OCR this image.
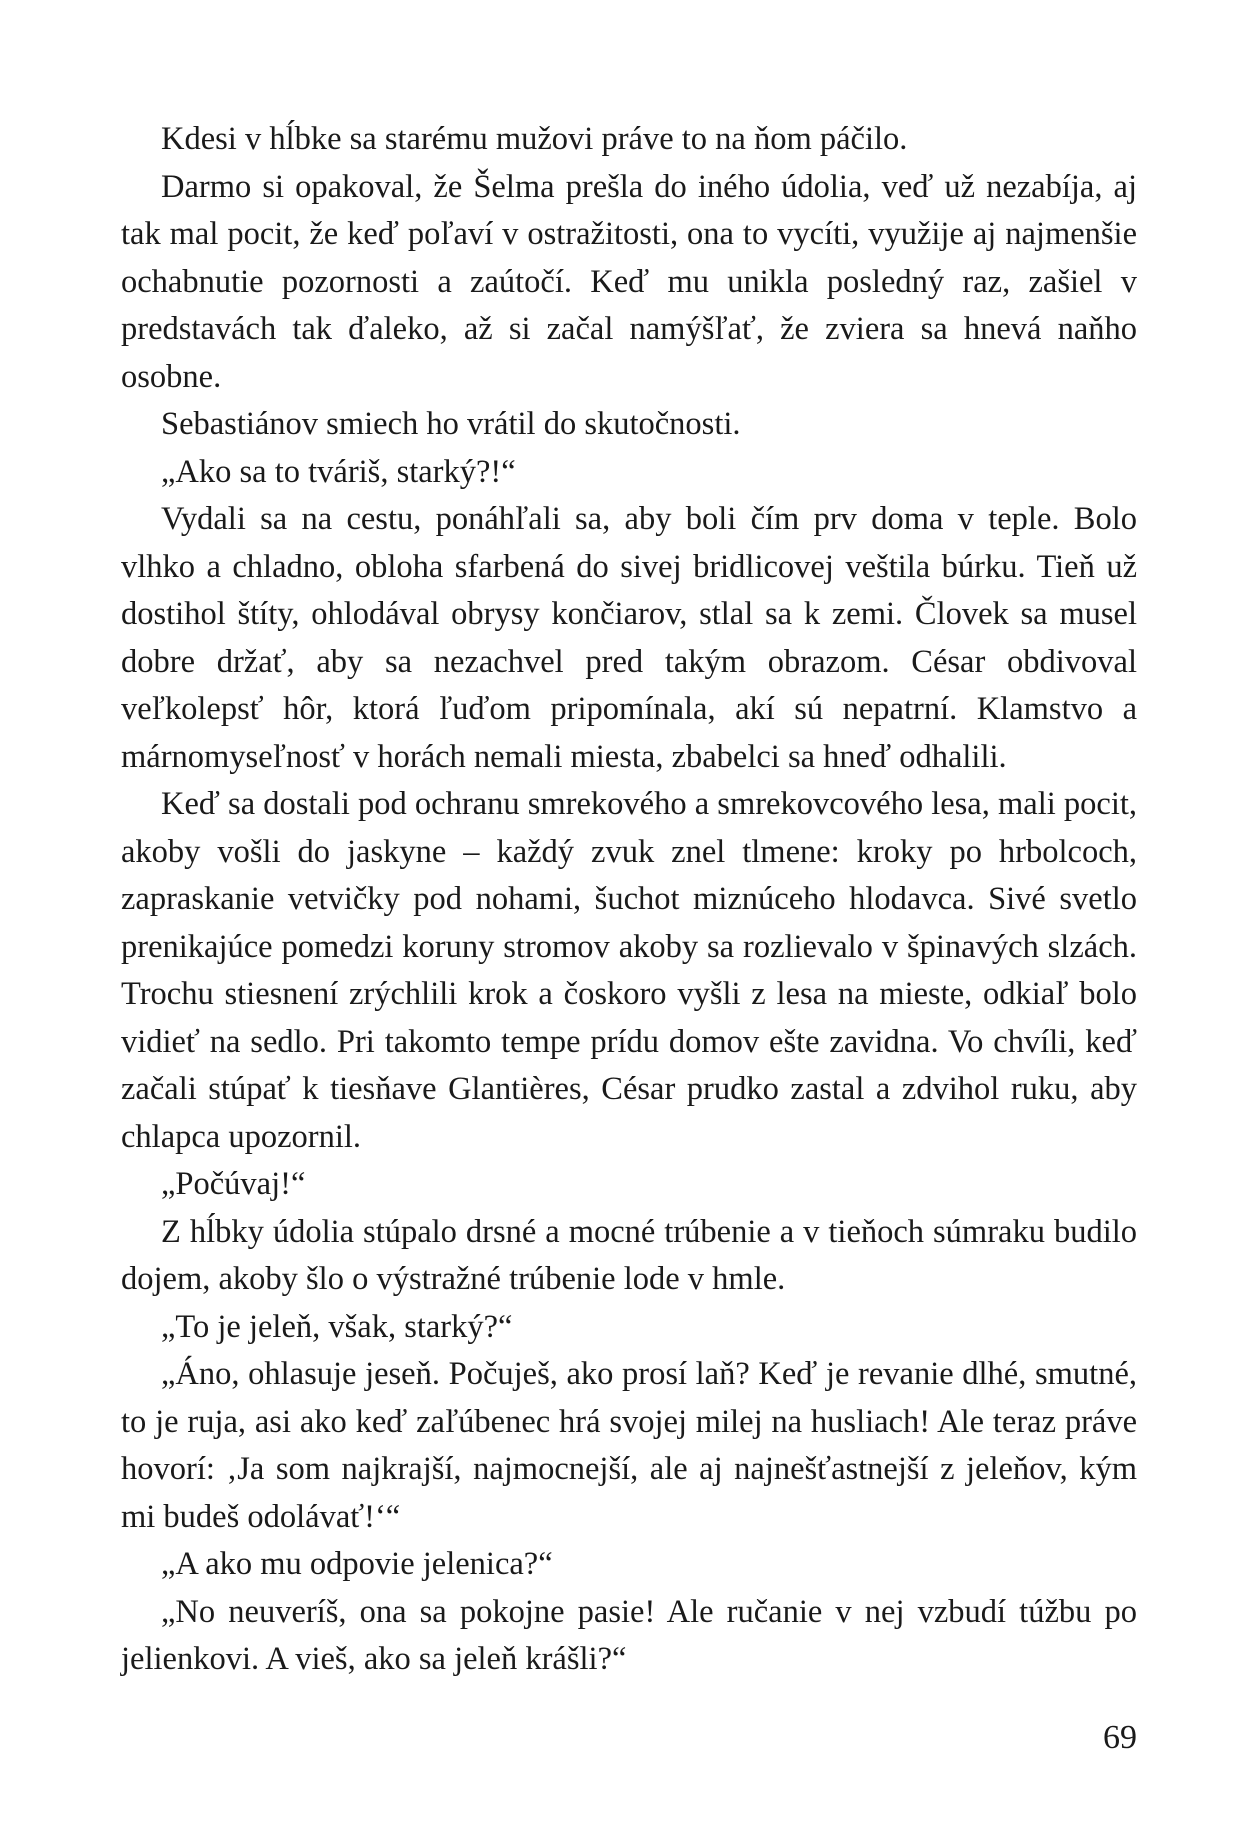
Kdesi v hĺbke sa starému mužovi práve to na ňom páčilo.

Darmo si opakoval, že Šelma prešla do iného údolia, veď už nezabíja, aj tak mal pocit, že keď poľaví v ostražitosti, ona to vycíti, využije aj najmenšie ochabnutie pozornosti a zaútočí. Keď mu unikla posledný raz, zašiel v predstavách tak ďaleko, až si začal namýšľať, že zviera sa hnevá naňho osobne.

Sebastiánov smiech ho vrátil do skutočnosti.

„Ako sa to tváriš, starký?!“

Vydali sa na cestu, ponáhľali sa, aby boli čím prv doma v teple. Bolo vlhko a chladno, obloha sfarbená do sivej bridlicovej veštila búrku. Tieň už dostihol štíty, ohlodával obrysy končiarov, stlal sa k zemi. Človek sa musel dobre držať, aby sa nezachvel pred takým obrazom. César obdivoval veľkolepsť hôr, ktorá ľuďom pripomínala, akí sú nepatrní. Klamstvo a márnomyseľnosť v horách nemali miesta, zbabelci sa hneď odhalili.

Keď sa dostali pod ochranu smrekového a smrekovcového lesa, mali pocit, akoby vošli do jaskyne – každý zvuk znel tlmene: kroky po hrbolcoch, zapraskanie vetvičky pod nohami, šuchot miznúceho hlodavca. Sivé svetlo prenikajúce pomedzi koruny stromov akoby sa rozlievalo v špinavých slzách. Trochu stiesnení zrýchlili krok a čoskoro vyšli z lesa na mieste, odkiaľ bolo vidieť na sedlo. Pri takomto tempe prídu domov ešte zavidna. Vo chvíli, keď začali stúpať k tiesňave Glantières, César prudko zastal a zdvihol ruku, aby chlapca upozornil.

„Počúvaj!“

Z hĺbky údolia stúpalo drsné a mocné trúbenie a v tieňoch súmraku budilo dojem, akoby šlo o výstražné trúbenie lode v hmle.

„To je jeleň, však, starký?“

„Áno, ohlasuje jeseň. Počuješ, ako prosí laň? Keď je revanie dlhé, smutné, to je ruja, asi ako keď zaľúbenec hrá svojej milej na husliach! Ale teraz práve hovorí: ‚Ja som najkrajší, najmocnejší, ale aj najnešťastnejší z jeleňov, kým mi budeš odolávať!‘“

„A ako mu odpovie jelenica?“

„No neuveríš, ona sa pokojne pasie! Ale ručanie v nej vzbudí túžbu po jelienkovi. A vieš, ako sa jeleň krášli?“

69
